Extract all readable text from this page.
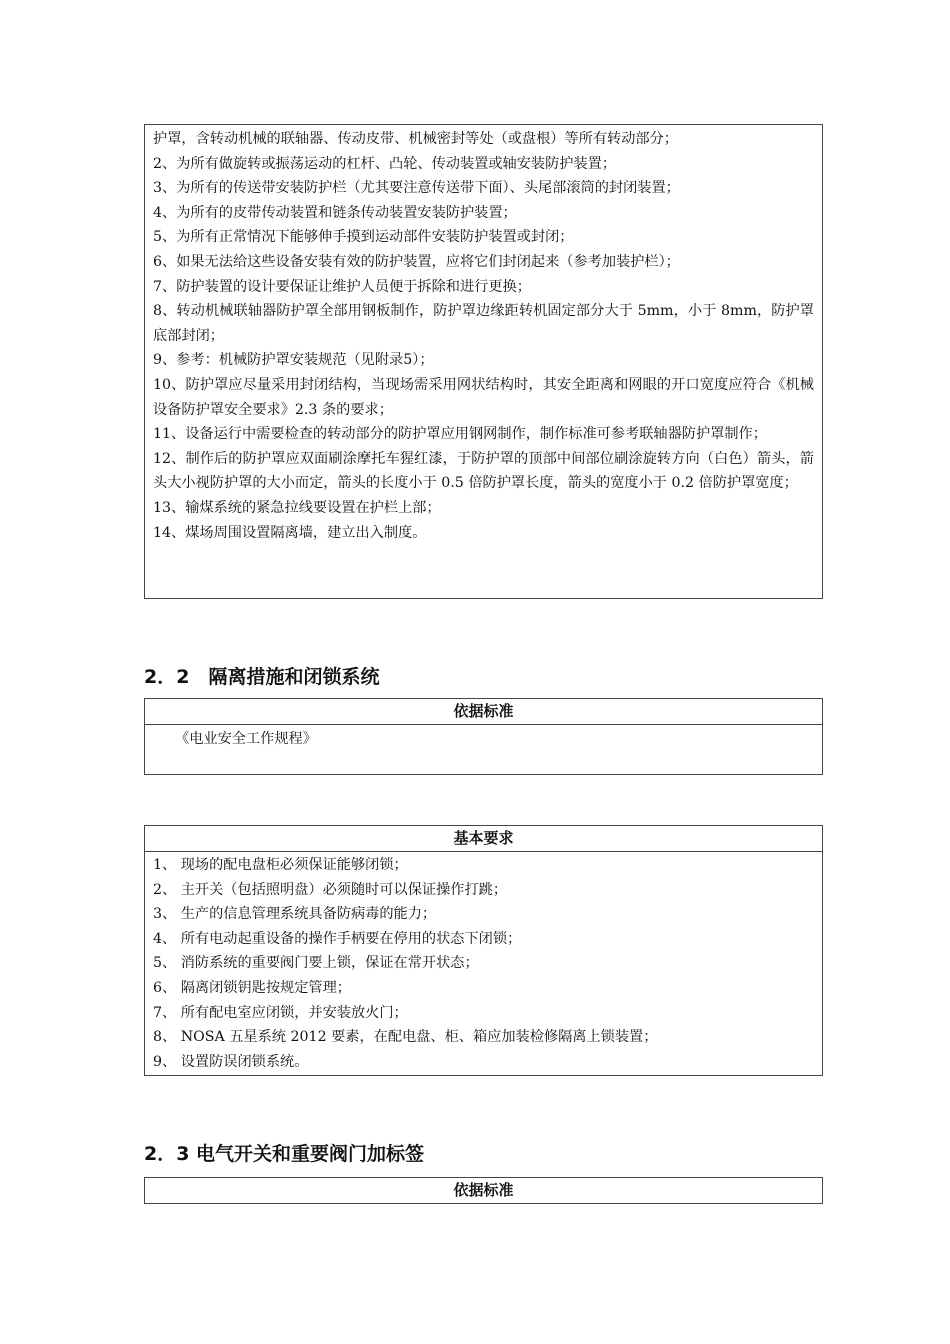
护罩，含转动机械的联轴器、传动皮带、机械密封等处（或盘根）等所有转动部分；
2、为所有做旋转或振荡运动的杠杆、凸轮、传动装置或轴安装防护装置；
3、为所有的传送带安装防护栏（尤其要注意传送带下面）、头尾部滚筒的封闭装置；
4、为所有的皮带传动装置和链条传动装置安装防护装置；
5、为所有正常情况下能够伸手摸到运动部件安装防护装置或封闭；
6、如果无法给这些设备安装有效的防护装置，应将它们封闭起来（参考加装护栏）；
7、防护装置的设计要保证让维护人员便于拆除和进行更换；
8、转动机械联轴器防护罩全部用钢板制作，防护罩边缘距转机固定部分大于 5mm，小于 8mm，防护罩底部封闭；
9、参考：机械防护罩安装规范（见附录5）；
10、防护罩应尽量采用封闭结构，当现场需采用网状结构时，其安全距离和网眼的开口宽度应符合《机械设备防护罩安全要求》2.3 条的要求；
11、设备运行中需要检查的转动部分的防护罩应用钢网制作，制作标准可参考联轴器防护罩制作；
12、制作后的防护罩应双面刷涂摩托车猩红漆，于防护罩的顶部中间部位刷涂旋转方向（白色）箭头，箭头大小视防护罩的大小而定，箭头的长度小于 0.5 倍防护罩长度，箭头的宽度小于 0.2 倍防护罩宽度；
13、输煤系统的紧急拉线要设置在护栏上部；
14、煤场周围设置隔离墙，建立出入制度。
2．2　隔离措施和闭锁系统
依据标准
《电业安全工作规程》
基本要求
1、 现场的配电盘柜必须保证能够闭锁；
2、 主开关（包括照明盘）必须随时可以保证操作打跳；
3、 生产的信息管理系统具备防病毒的能力；
4、 所有电动起重设备的操作手柄要在停用的状态下闭锁；
5、 消防系统的重要阀门要上锁，保证在常开状态；
6、 隔离闭锁钥匙按规定管理；
7、 所有配电室应闭锁，并安装放火门；
8、 NOSA 五星系统 2012 要素，在配电盘、柜、箱应加装检修隔离上锁装置；
9、 设置防误闭锁系统。
2．3 电气开关和重要阀门加标签
依据标准
